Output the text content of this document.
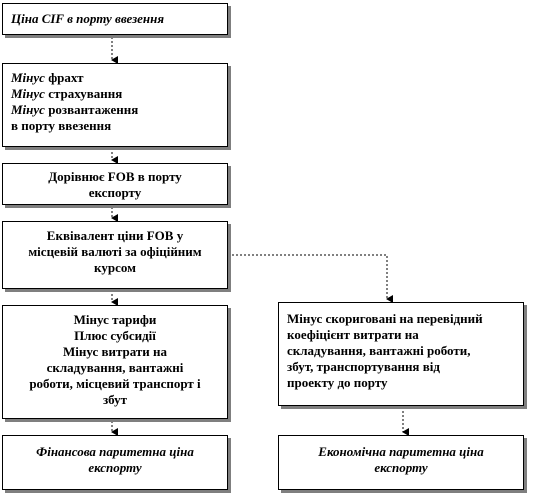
Ціна CIF в порту ввезення
Мінус фрахт
Мінус страхування
Мінус розвантаження
в порту ввезення
Дорівнює FOB в порту
експорту
Еквівалент ціни FOB у
місцевій валюті за офіційним
курсом
Мінус тарифи
Плюс субсидії
Мінус витрати на
складування, вантажні
роботи, місцевий транспорт і
збут
Мінус скориговані на перевідний
коефіцієнт витрати на
складування, вантажні роботи,
збут, транспортування від
проекту до порту
Фінансова паритетна ціна
експорту
Економічна паритетна ціна
експорту
